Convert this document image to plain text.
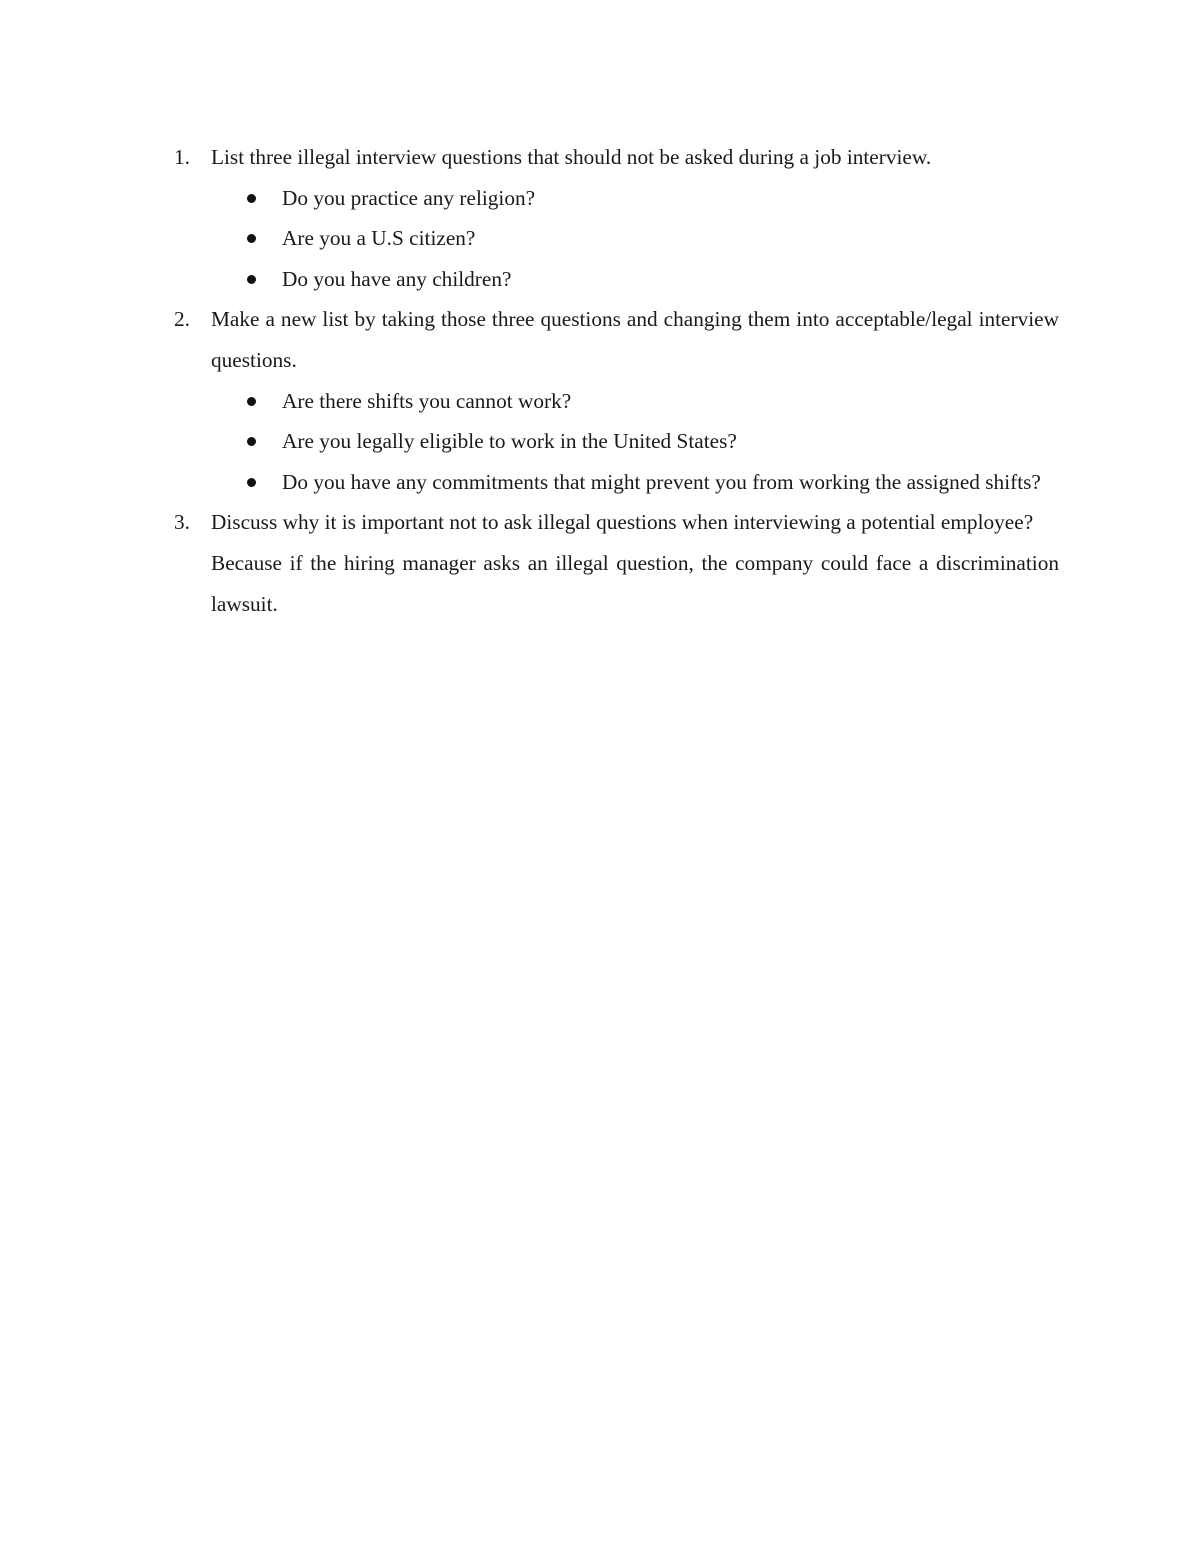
1. List three illegal interview questions that should not be asked during a job interview.
Do you practice any religion?
Are you a U.S citizen?
Do you have any children?
2. Make a new list by taking those three questions and changing them into acceptable/legal interview questions.
Are there shifts you cannot work?
Are you legally eligible to work in the United States?
Do you have any commitments that might prevent you from working the assigned shifts?
3. Discuss why it is important not to ask illegal questions when interviewing a potential employee?
Because if the hiring manager asks an illegal question, the company could face a discrimination lawsuit.
